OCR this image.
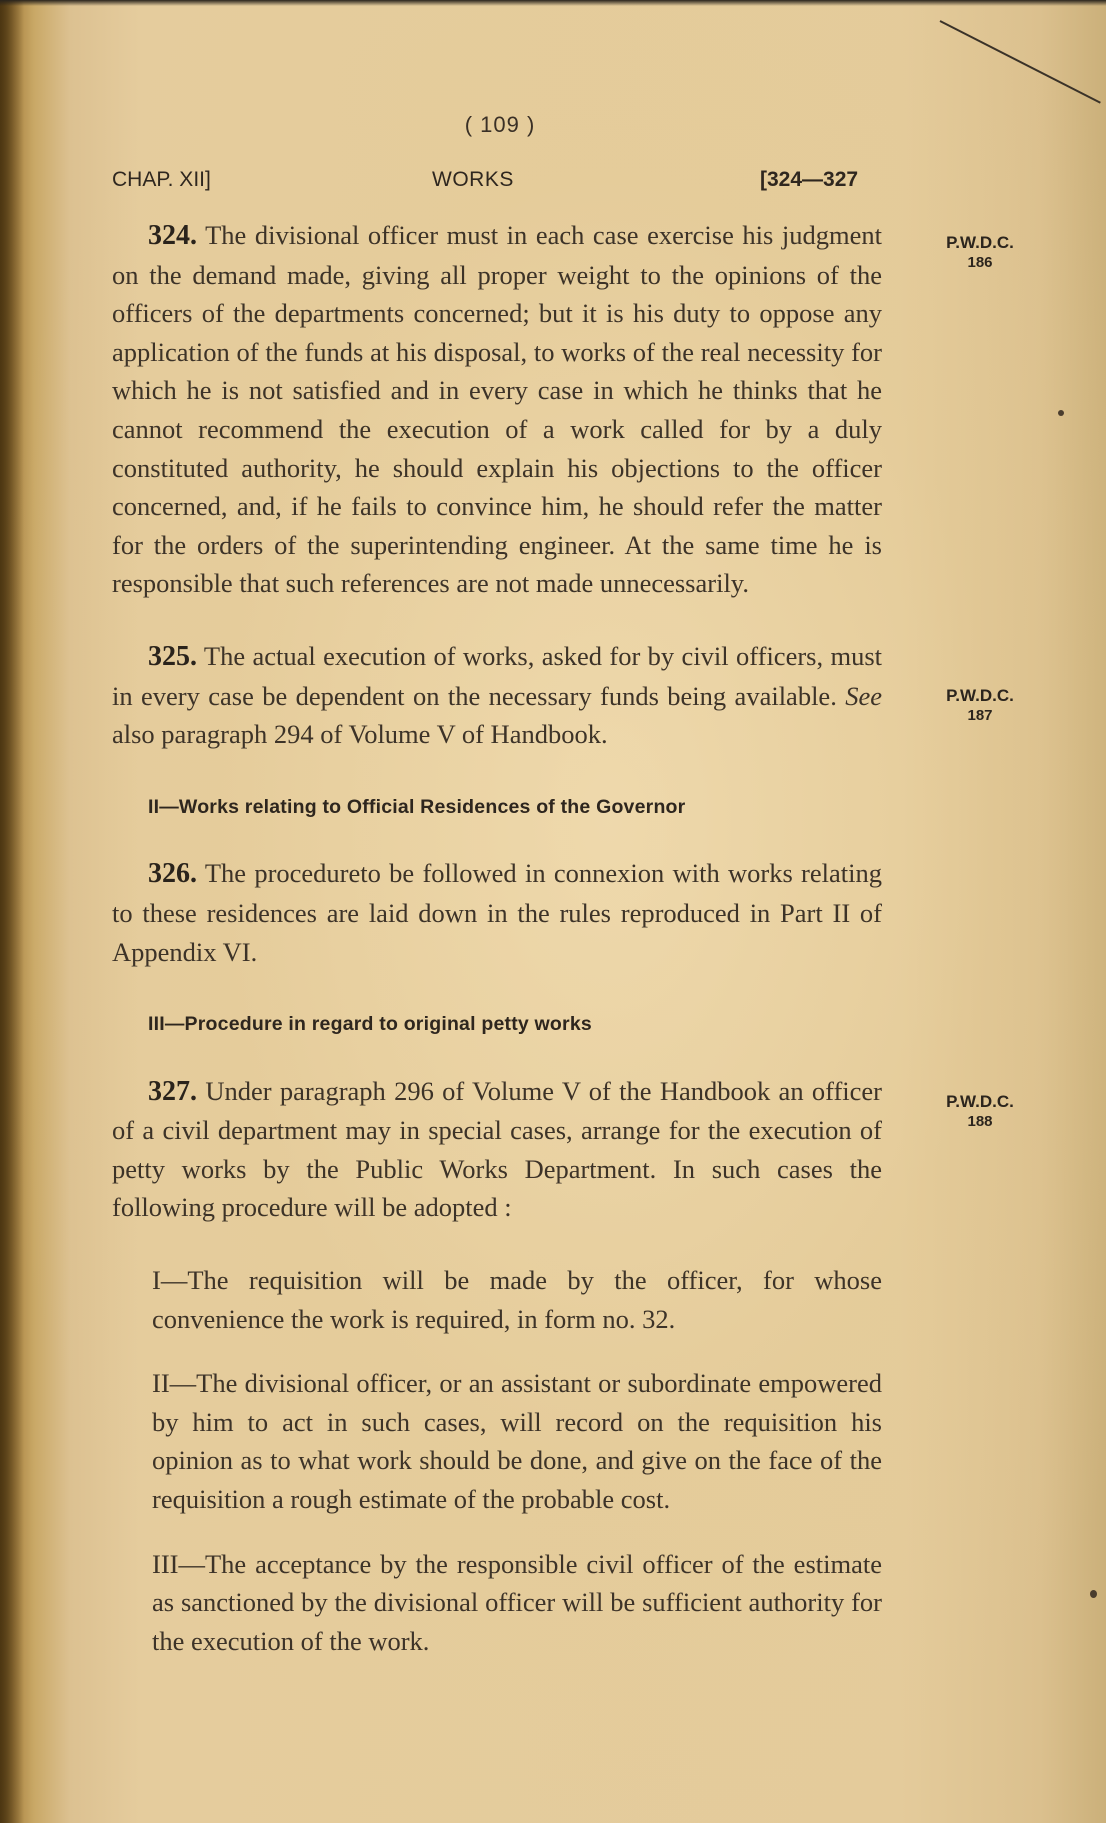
( 109 )
CHAP. XII]	WORKS	[324—327
P.W.D.C.
186
P.W.D.C.
187
P.W.D.C.
188

324. The divisional officer must in each case exercise his judgment on the demand made, giving all proper weight to the opinions of the officers of the departments concerned; but it is his duty to oppose any application of the funds at his disposal, to works of the real necessity for which he is not satisfied and in every case in which he thinks that he cannot recommend the execution of a work called for by a duly constituted authority, he should explain his objections to the officer concerned, and, if he fails to convince him, he should refer the matter for the orders of the superintending engineer. At the same time he is responsible that such references are not made unnecessarily.

325. The actual execution of works, asked for by civil officers, must in every case be dependent on the necessary funds being available. See also paragraph 294 of Volume V of Handbook.

II—Works relating to Official Residences of the Governor

326. The procedureto be followed in connexion with works relating to these residences are laid down in the rules reproduced in Part II of Appendix VI.

III—Procedure in regard to original petty works

327. Under paragraph 296 of Volume V of the Handbook an officer of a civil department may in special cases, arrange for the execution of petty works by the Public Works Department. In such cases the following procedure will be adopted :

I—The requisition will be made by the officer, for whose convenience the work is required, in form no. 32.

II—The divisional officer, or an assistant or subordinate empowered by him to act in such cases, will record on the requisition his opinion as to what work should be done, and give on the face of the requisition a rough estimate of the probable cost.

III—The acceptance by the responsible civil officer of the estimate as sanctioned by the divisional officer will be sufficient authority for the execution of the work.
